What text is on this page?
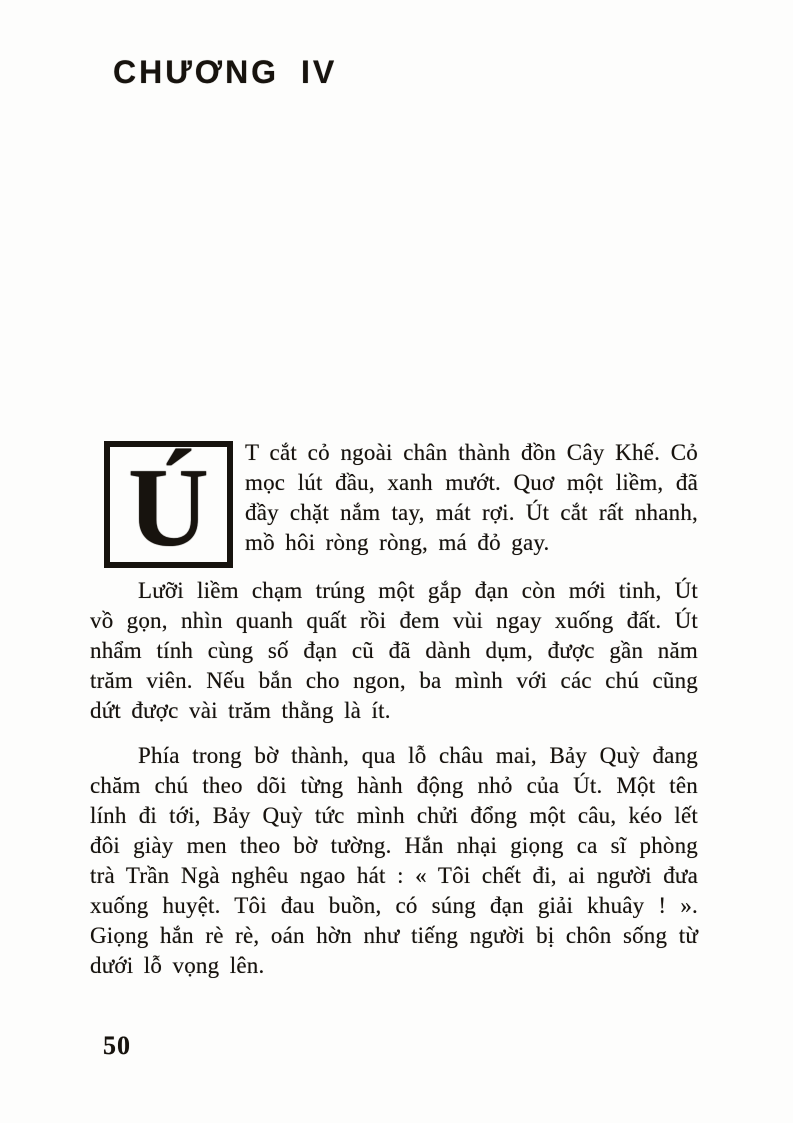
CHƯƠNG IV

Ú T cắt cỏ ngoài chân thành đồn Cây Khế. Cỏ mọc lút đầu, xanh mướt. Quơ một liềm, đã đầy chặt nắm tay, mát rợi. Út cắt rất nhanh, mồ hôi ròng ròng, má đỏ gay.

Lưỡi liềm chạm trúng một gắp đạn còn mới tinh, Út vồ gọn, nhìn quanh quất rồi đem vùi ngay xuống đất. Út nhẩm tính cùng số đạn cũ đã dành dụm, được gần năm trăm viên. Nếu bắn cho ngon, ba mình với các chú cũng dứt được vài trăm thằng là ít.

Phía trong bờ thành, qua lỗ châu mai, Bảy Quỳ đang chăm chú theo dõi từng hành động nhỏ của Út. Một tên lính đi tới, Bảy Quỳ tức mình chửi đổng một câu, kéo lết đôi giày men theo bờ tường. Hắn nhại giọng ca sĩ phòng trà Trần Ngà nghêu ngao hát : « Tôi chết đi, ai người đưa xuống huyệt. Tôi đau buồn, có súng đạn giải khuây ! ». Giọng hắn rè rè, oán hờn như tiếng người bị chôn sống từ dưới lỗ vọng lên.

50
